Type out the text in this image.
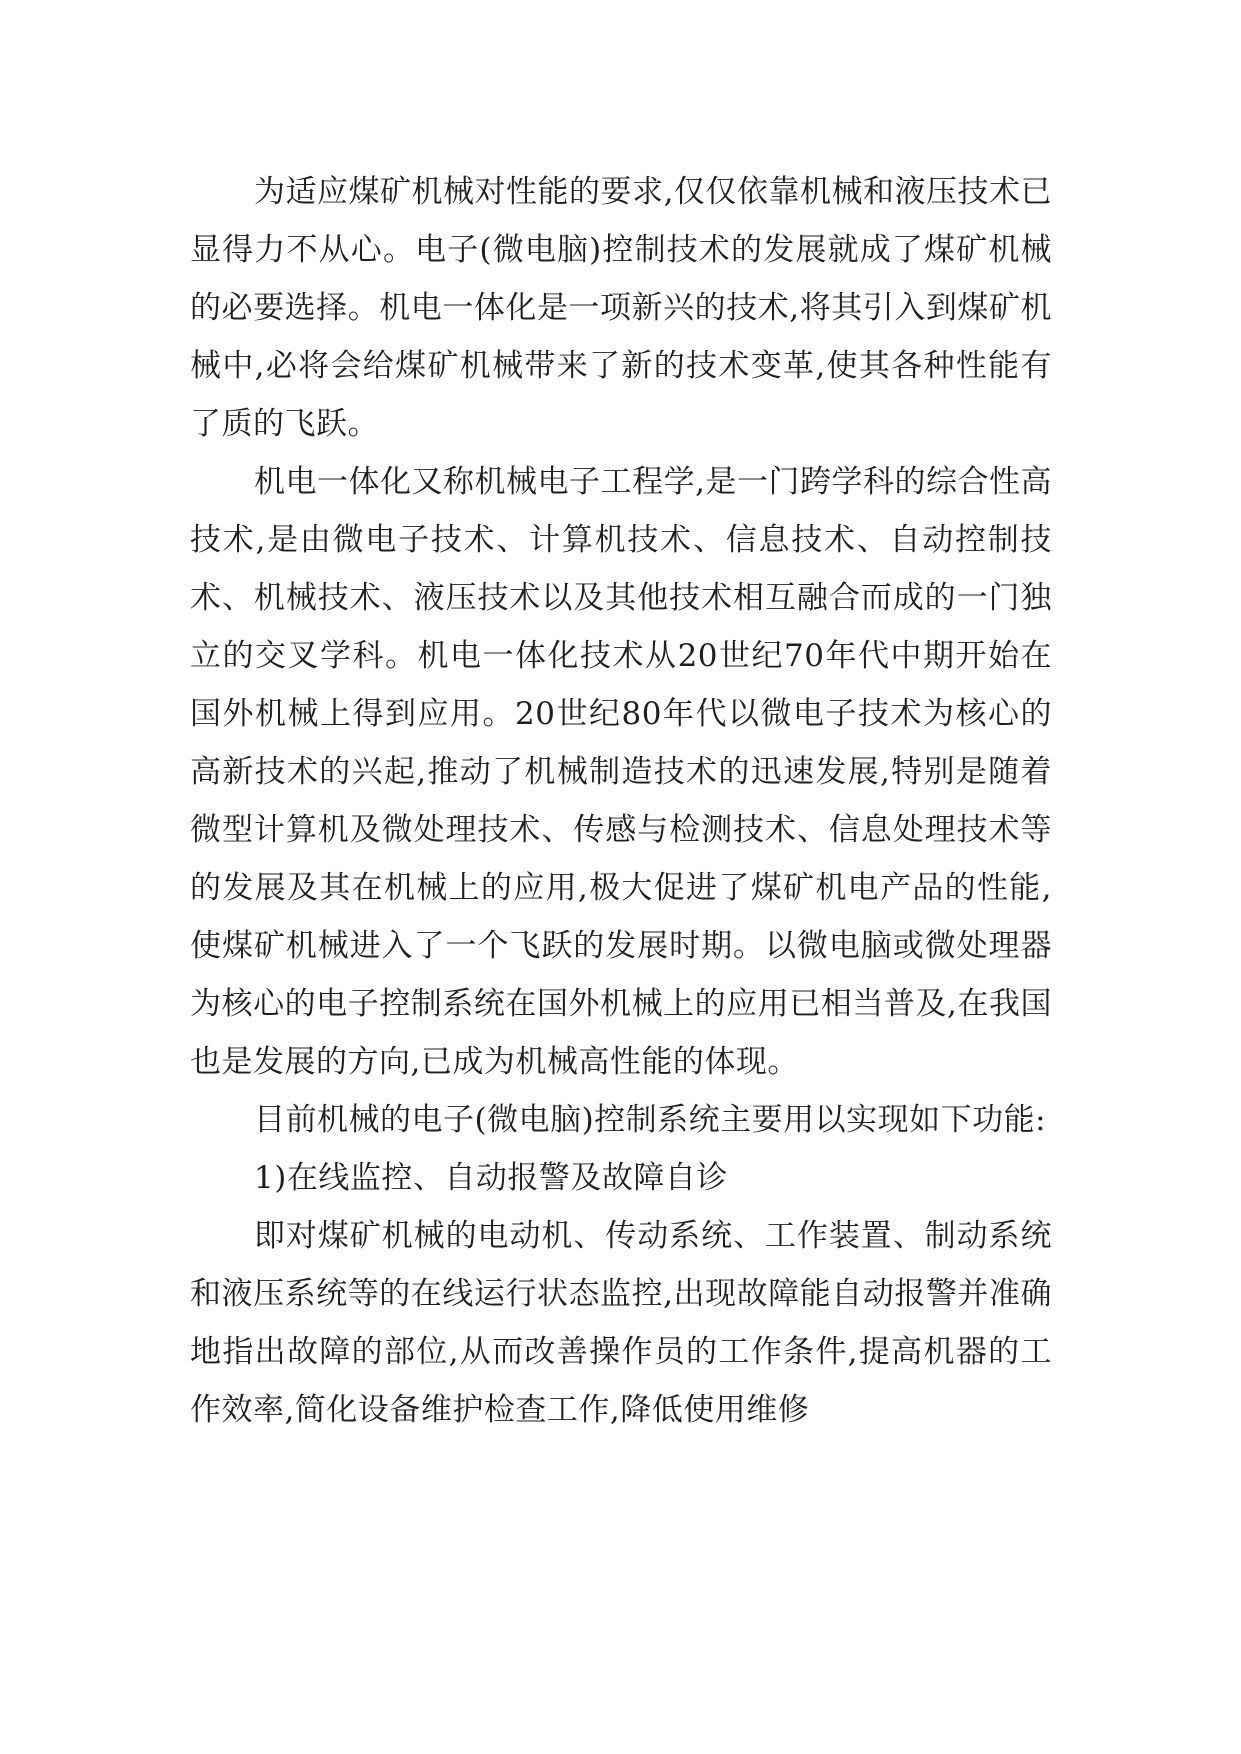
为适应煤矿机械对性能的要求,仅仅依靠机械和液压技术已显得力不从心。电子(微电脑)控制技术的发展就成了煤矿机械的必要选择。机电一体化是一项新兴的技术,将其引入到煤矿机械中,必将会给煤矿机械带来了新的技术变革,使其各种性能有了质的飞跃。

机电一体化又称机械电子工程学,是一门跨学科的综合性高技术,是由微电子技术、计算机技术、信息技术、自动控制技术、机械技术、液压技术以及其他技术相互融合而成的一门独立的交叉学科。机电一体化技术从20世纪70年代中期开始在国外机械上得到应用。20世纪80年代以微电子技术为核心的高新技术的兴起,推动了机械制造技术的迅速发展,特别是随着微型计算机及微处理技术、传感与检测技术、信息处理技术等的发展及其在机械上的应用,极大促进了煤矿机电产品的性能,使煤矿机械进入了一个飞跃的发展时期。以微电脑或微处理器为核心的电子控制系统在国外机械上的应用已相当普及,在我国也是发展的方向,已成为机械高性能的体现。

目前机械的电子(微电脑)控制系统主要用以实现如下功能:

1)在线监控、自动报警及故障自诊

即对煤矿机械的电动机、传动系统、工作装置、制动系统和液压系统等的在线运行状态监控,出现故障能自动报警并准确地指出故障的部位,从而改善操作员的工作条件,提高机器的工作效率,简化设备维护检查工作,降低使用维修
